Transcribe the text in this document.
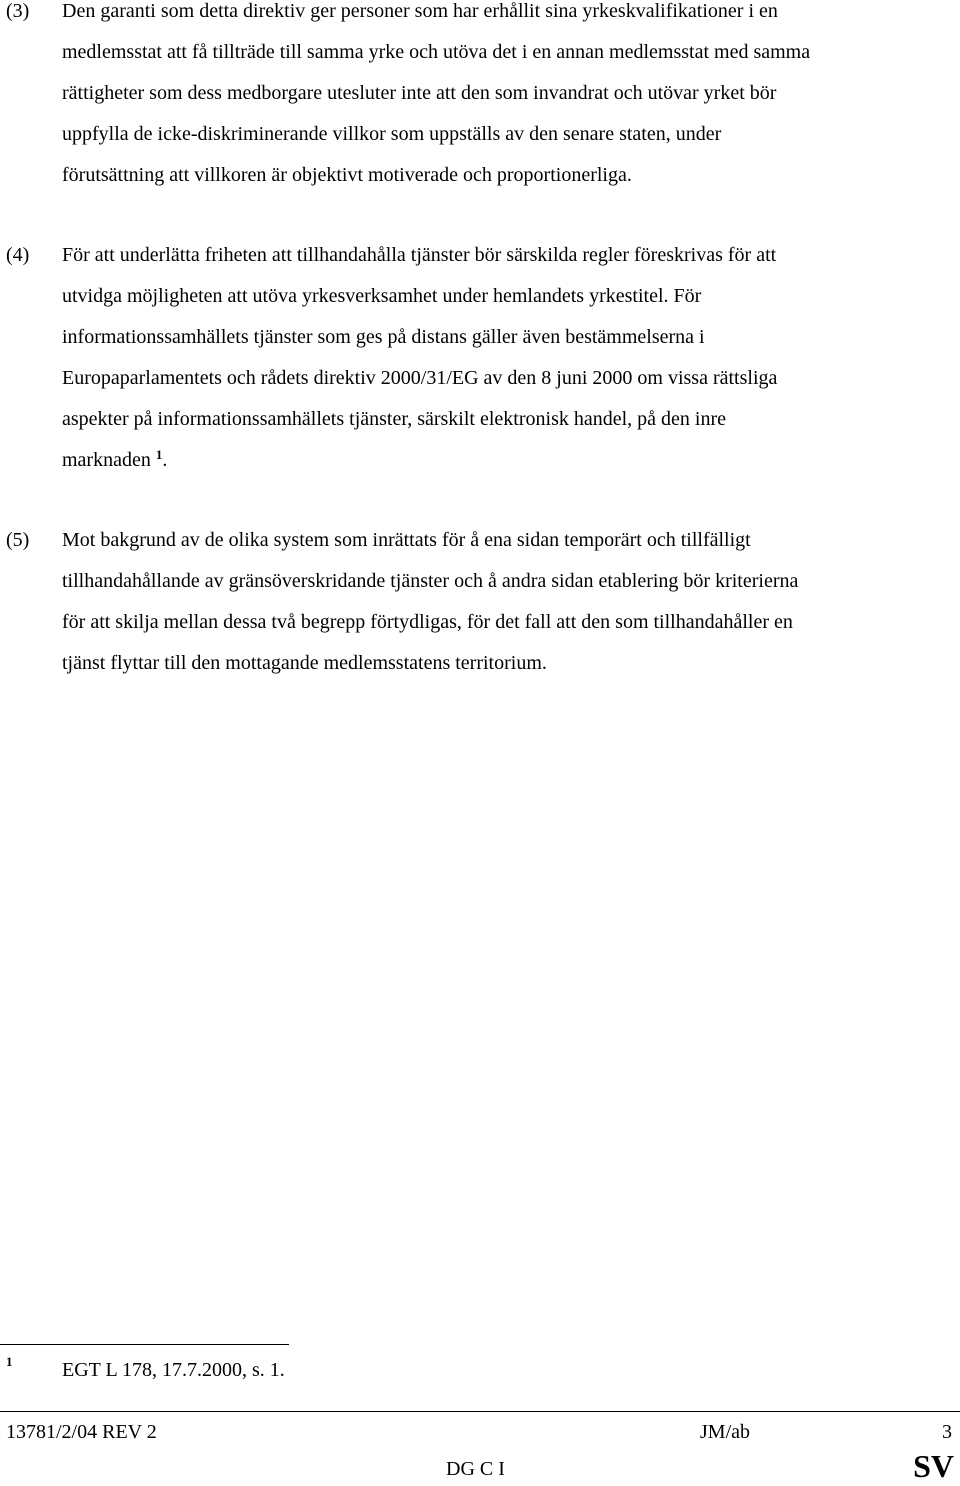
(3) Den garanti som detta direktiv ger personer som har erhållit sina yrkeskvalifikationer i en
medlemsstat att få tillträde till samma yrke och utöva det i en annan medlemsstat med samma
rättigheter som dess medborgare utesluter inte att den som invandrat och utövar yrket bör
uppfylla de icke-diskriminerande villkor som uppställs av den senare staten, under
förutsättning att villkoren är objektivt motiverade och proportionerliga.
(4) För att underlätta friheten att tillhandahålla tjänster bör särskilda regler föreskrivas för att
utvidga möjligheten att utöva yrkesverksamhet under hemlandets yrkestitel. För
informationssamhällets tjänster som ges på distans gäller även bestämmelserna i
Europaparlamentets och rådets direktiv 2000/31/EG av den 8 juni 2000 om vissa rättsliga
aspekter på informationssamhällets tjänster, särskilt elektronisk handel, på den inre
marknaden $^1$.
(5) Mot bakgrund av de olika system som inrättats för å ena sidan temporärt och tillfälligt
tillhandahållande av gränsöverskridande tjänster och å andra sidan etablering bör kriterierna
för att skilja mellan dessa två begrepp förtydligas, för det fall att den som tillhandahåller en
tjänst flyttar till den mottagande medlemsstatens territorium.
1 EGT L 178, 17.7.2000, s. 1.
13781/2/04 REV 2	JM/ab	3
DG C I	SV
